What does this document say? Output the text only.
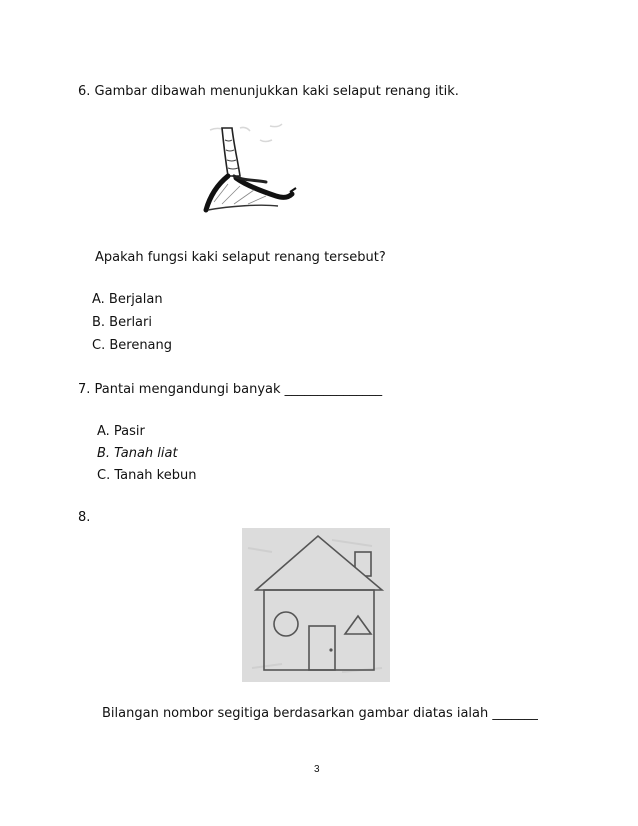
6. Gambar dibawah menunjukkan kaki selaput renang itik.
Apakah fungsi kaki selaput renang tersebut?
A. Berjalan
B. Berlari
C. Berenang
7. Pantai mengandungi banyak _______________
A. Pasir
B. Tanah liat
C. Tanah kebun
8.
Bilangan nombor segitiga berdasarkan gambar diatas ialah _______
3
